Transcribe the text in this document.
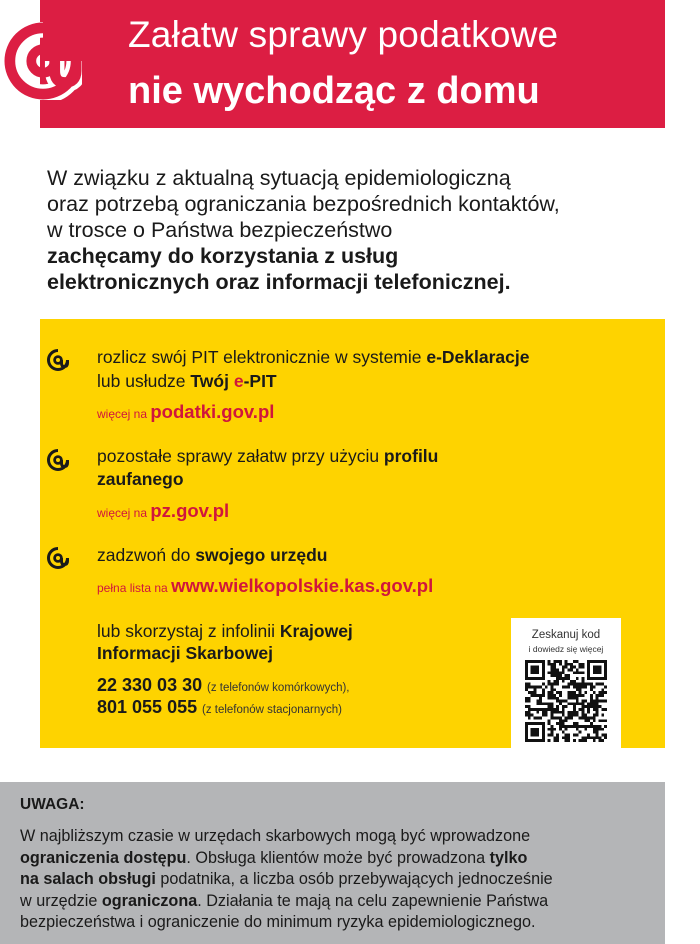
Załatw sprawy podatkowe
nie wychodząc z domu

W związku z aktualną sytuacją epidemiologiczną

oraz potrzebą ograniczania bezpośrednich kontaktów,

w trosce o Państwa bezpieczeństwo

zachęcamy do korzystania z usług

elektronicznych oraz informacji telefonicznej.

rozlicz swój PIT elektronicznie w systemie e-Deklaracje
lub usłudze Twój e-PIT
więcej na podatki.gov.pl
pozostałe sprawy załatw przy użyciu profilu
zaufanego
więcej na pz.gov.pl
zadzwoń do swojego urzędu
pełna lista na www.wielkopolskie.kas.gov.pl
lub skorzystaj z infolinii Krajowej
Informacji Skarbowej
22 330 03 30 (z telefonów komórkowych),
801 055 055 (z telefonów stacjonarnych)
Zeskanuj kod
i dowiedz się więcej
UWAGA:

W najbliższym czasie w urzędach skarbowych mogą być wprowadzone

ograniczenia dostępu. Obsługa klientów może być prowadzona tylko

na salach obsługi podatnika, a liczba osób przebywających jednocześnie

w urzędzie ograniczona. Działania te mają na celu zapewnienie Państwa

bezpieczeństwa i ograniczenie do minimum ryzyka epidemiologicznego.
